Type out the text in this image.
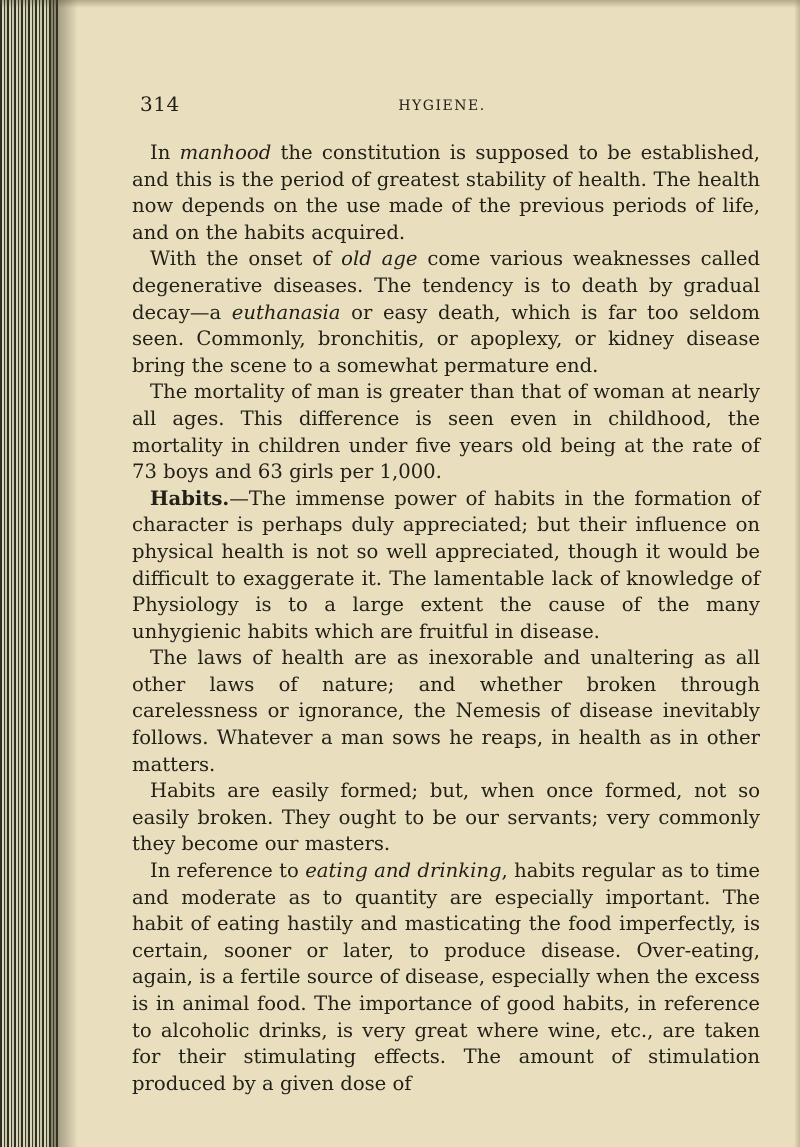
314	HYGIENE.

In manhood the constitution is supposed to be established, and this is the period of greatest stability of health. The health now depends on the use made of the previous periods of life, and on the habits acquired.

With the onset of old age come various weaknesses called degenerative diseases. The tendency is to death by gradual decay—a euthanasia or easy death, which is far too seldom seen. Commonly, bronchitis, or apoplexy, or kidney disease bring the scene to a somewhat permature end.

The mortality of man is greater than that of woman at nearly all ages. This difference is seen even in childhood, the mortality in children under five years old being at the rate of 73 boys and 63 girls per 1,000.

Habits.—The immense power of habits in the formation of character is perhaps duly appreciated; but their influence on physical health is not so well appreciated, though it would be difficult to exaggerate it. The lamentable lack of knowledge of Physiology is to a large extent the cause of the many unhygienic habits which are fruitful in disease.

The laws of health are as inexorable and unaltering as all other laws of nature; and whether broken through carelessness or ignorance, the Nemesis of disease inevitably follows. Whatever a man sows he reaps, in health as in other matters.

Habits are easily formed; but, when once formed, not so easily broken. They ought to be our servants; very commonly they become our masters.

In reference to eating and drinking, habits regular as to time and moderate as to quantity are especially important. The habit of eating hastily and masticating the food imperfectly, is certain, sooner or later, to produce disease. Over-eating, again, is a fertile source of disease, especially when the excess is in animal food. The importance of good habits, in reference to alcoholic drinks, is very great where wine, etc., are taken for their stimulating effects. The amount of stimulation produced by a given dose of
